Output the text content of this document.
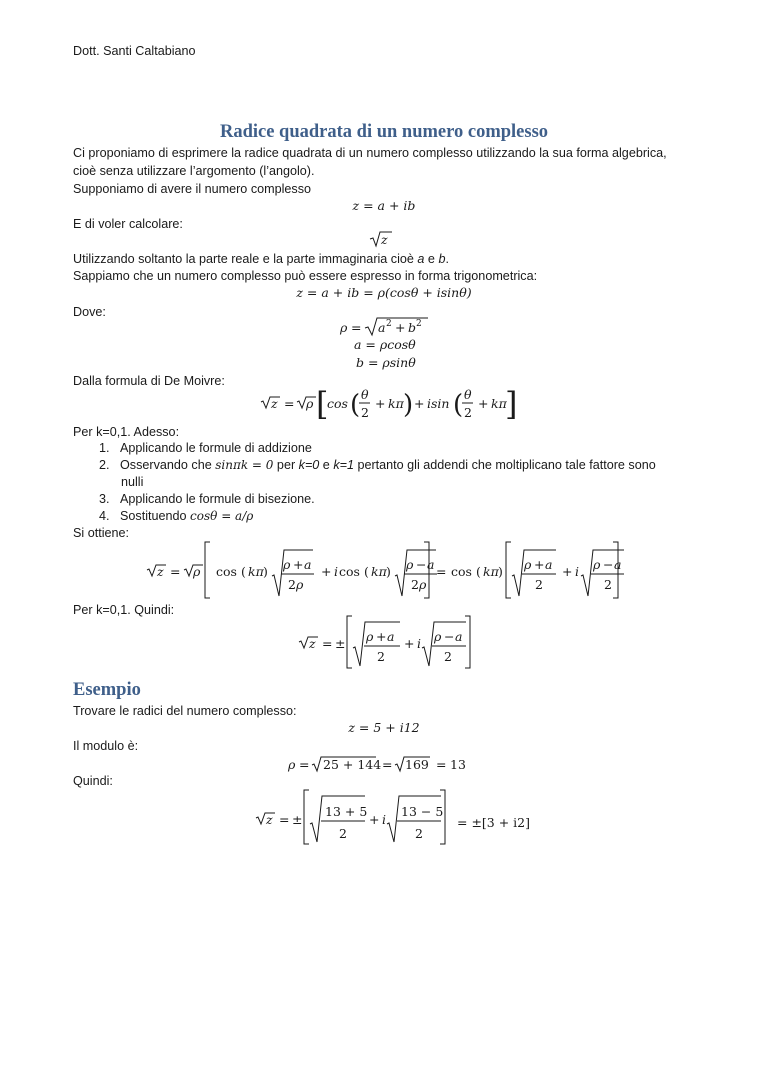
Dott. Santi Caltabiano
Radice quadrata di un numero complesso
Ci proponiamo di esprimere la radice quadrata di un numero complesso utilizzando la sua forma algebrica,
cioè senza utilizzare l’argomento (l’angolo).
Supponiamo di avere il numero complesso
z = a + ib
E di voler calcolare:
z
Utilizzando soltanto la parte reale e la parte immaginaria cioè a e b.
Sappiamo che un numero complesso può essere espresso in forma trigonometrica:
z = a + ib = ρ(cosθ + isinθ)
Dove:
ρ = a 2 + b 2
a = ρcosθ
b = ρsinθ
Dalla formula di De Moivre:
z = ρ [
cos ( θ
2
+ kπ ) + isin ( θ
2
+ kπ
]
Per k=0,1. Adesso:
1. Applicando le formule di addizione
2. Osservando che sinπk = 0 per k=0 e k=1 pertanto gli addendi che moltiplicano tale fattore sono
nulli
3. Applicando le formule di bisezione.
4. Sostituendo cosθ = a/ρ
Si ottiene:
z = ρ cos ( kπ ) ρ + a
2 ρ
+ i cos ( kπ ) ρ − a
2 ρ
= cos ( kπ ) ρ + a
2
+ i ρ − a
2
Per k=0,1. Quindi:
z = ± ρ + a
2
+ i ρ − a
2
Esempio
Trovare le radici del numero complesso:
z = 5 + i12
Il modulo è:
ρ = 25 + 144 = 169 = 13
Quindi:
z = ±
13 + 5
2
+ i
13 − 5
2
= ±[3 + i2]
